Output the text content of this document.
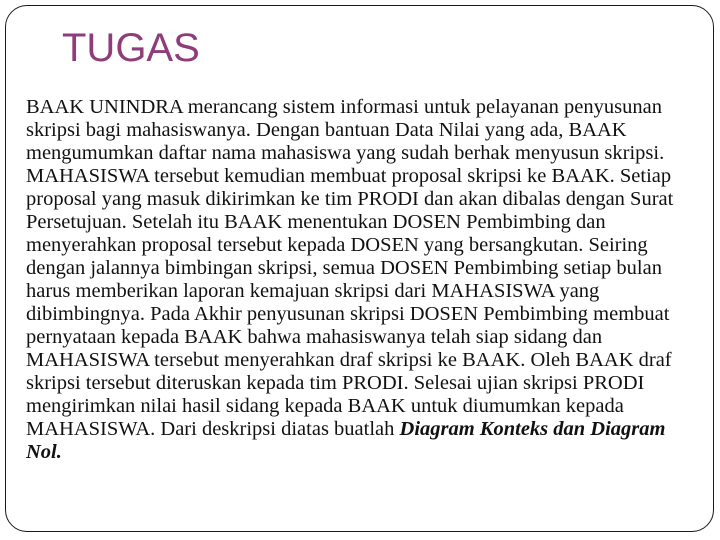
TUGAS

BAAK UNINDRA merancang sistem informasi untuk pelayanan penyusunan skripsi bagi mahasiswanya. Dengan bantuan Data Nilai yang ada, BAAK mengumumkan daftar nama mahasiswa yang sudah berhak menyusun skripsi. MAHASISWA tersebut kemudian membuat proposal skripsi ke BAAK. Setiap proposal yang masuk dikirimkan ke tim PRODI dan akan dibalas dengan Surat Persetujuan. Setelah itu BAAK menentukan DOSEN Pembimbing dan menyerahkan proposal tersebut kepada DOSEN yang bersangkutan. Seiring dengan jalannya bimbingan skripsi, semua DOSEN Pembimbing setiap bulan harus memberikan laporan kemajuan skripsi dari MAHASISWA yang dibimbingnya. Pada Akhir penyusunan skripsi DOSEN Pembimbing membuat pernyataan kepada BAAK bahwa mahasiswanya telah siap sidang dan MAHASISWA tersebut menyerahkan draf skripsi ke BAAK. Oleh BAAK draf skripsi tersebut diteruskan kepada tim PRODI. Selesai ujian skripsi PRODI mengirimkan nilai hasil sidang kepada BAAK untuk diumumkan kepada MAHASISWA. Dari deskripsi diatas buatlah Diagram Konteks dan Diagram Nol.
